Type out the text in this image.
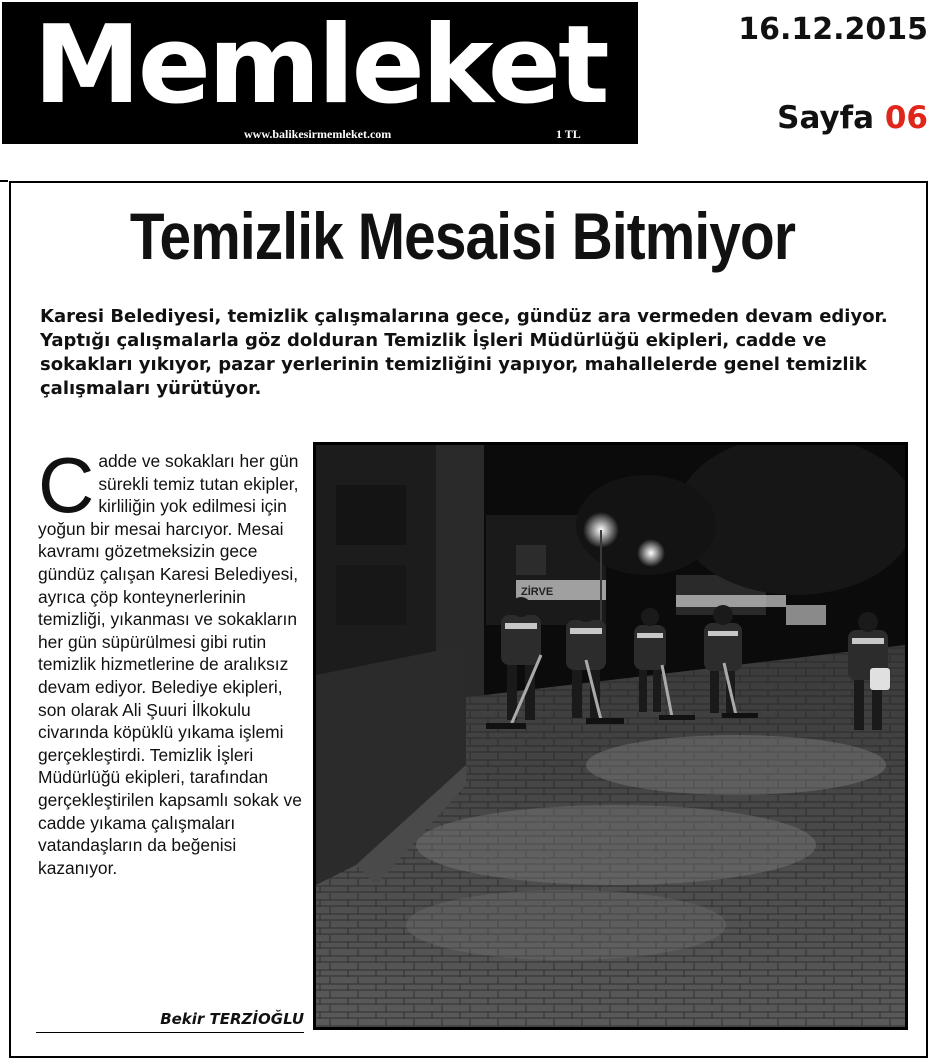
Memleket
www.balikesirmemleket.com	1 TL
16.12.2015
Sayfa 06
Temizlik Mesaisi Bitmiyor
Karesi Belediyesi, temizlik çalışmalarına gece, gündüz ara vermeden devam ediyor. Yaptığı çalışmalarla göz dolduran Temizlik İşleri Müdürlüğü ekipleri, cadde ve sokakları yıkıyor, pazar yerlerinin temizliğini yapıyor, mahallelerde genel temizlik çalışmaları yürütüyor.
Cadde ve sokakları her gün sürekli temiz tutan ekipler, kirliliğin yok edilmesi için yoğun bir mesai harcıyor. Mesai kavramı gözetmeksizin gece gündüz çalışan Karesi Belediyesi, ayrıca çöp konteynerlerinin temizliği, yıkanması ve sokakların her gün süpürülmesi gibi rutin temizlik hizmetlerine de aralıksız devam ediyor. Belediye ekipleri, son olarak Ali Şuuri İlkokulu civarında köpüklü yıkama işlemi gerçekleştirdi. Temizlik İşleri Müdürlüğü ekipleri, tarafından gerçekleştirilen kapsamlı sokak ve cadde yıkama çalışmaları vatandaşların da beğenisi kazanıyor.
Bekir TERZİOĞLU
ZİRVE
